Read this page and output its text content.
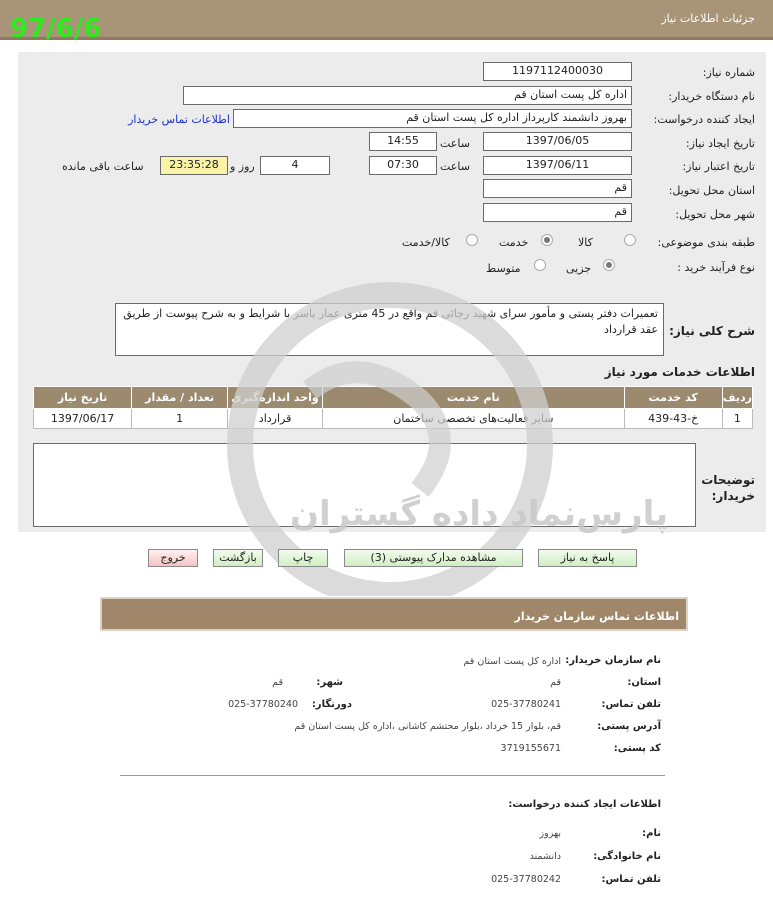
جزئیات اطلاعات نیاز
97/6/6
شماره نیاز:
1197112400030
نام دستگاه خریدار:
اداره کل پست استان قم
ایجاد کننده درخواست:
بهروز دانشمند کارپرداز اداره کل پست استان قم
اطلاعات تماس خریدار
تاریخ ایجاد نیاز:
1397/06/05
ساعت
14:55
تاریخ اعتبار نیاز:
1397/06/11
ساعت
07:30
4
روز و
23:35:28
ساعت باقی مانده
استان محل تحویل:
قم
شهر محل تحویل:
قم
طبقه بندی موضوعی:
کالا
خدمت
کالا/خدمت
نوع فرآیند خرید :
جزیی
متوسط
شرح کلی نیاز:
تعمیرات دفتر پستی و مأمور سرای شهید رجائی قم واقع در 45 متری عمار یاسر با شرایط و به شرح پیوست از طریق عقد قرارداد
اطلاعات خدمات مورد نیاز
تاریخ نیاز	تعداد / مقدار	واحد اندازه‌گیری	نام خدمت	کد خدمت	ردیف
1397/06/17	1	قرارداد	سایر فعالیت‌های تخصصی ساختمان	خ-43-439	1
توضیحات خریدار:
پارس‌نماد داده گستران
پاسخ به نیاز
مشاهده مدارک پیوستی (3)
چاپ
بازگشت
خروج
اطلاعات تماس سازمان خریدار
نام سازمان خریدار:
اداره کل پست استان قم
استان:
قم
شهر:
قم
تلفن تماس:
025-37780241
دورنگار:
025-37780240
آدرس پستی:
قم، بلوار 15 خرداد ،بلوار محتشم کاشانی ،اداره کل پست استان قم
کد پستی:
3719155671
اطلاعات ایجاد کننده درخواست:
نام:
بهروز
نام خانوادگی:
دانشمند
تلفن تماس:
025-37780242
